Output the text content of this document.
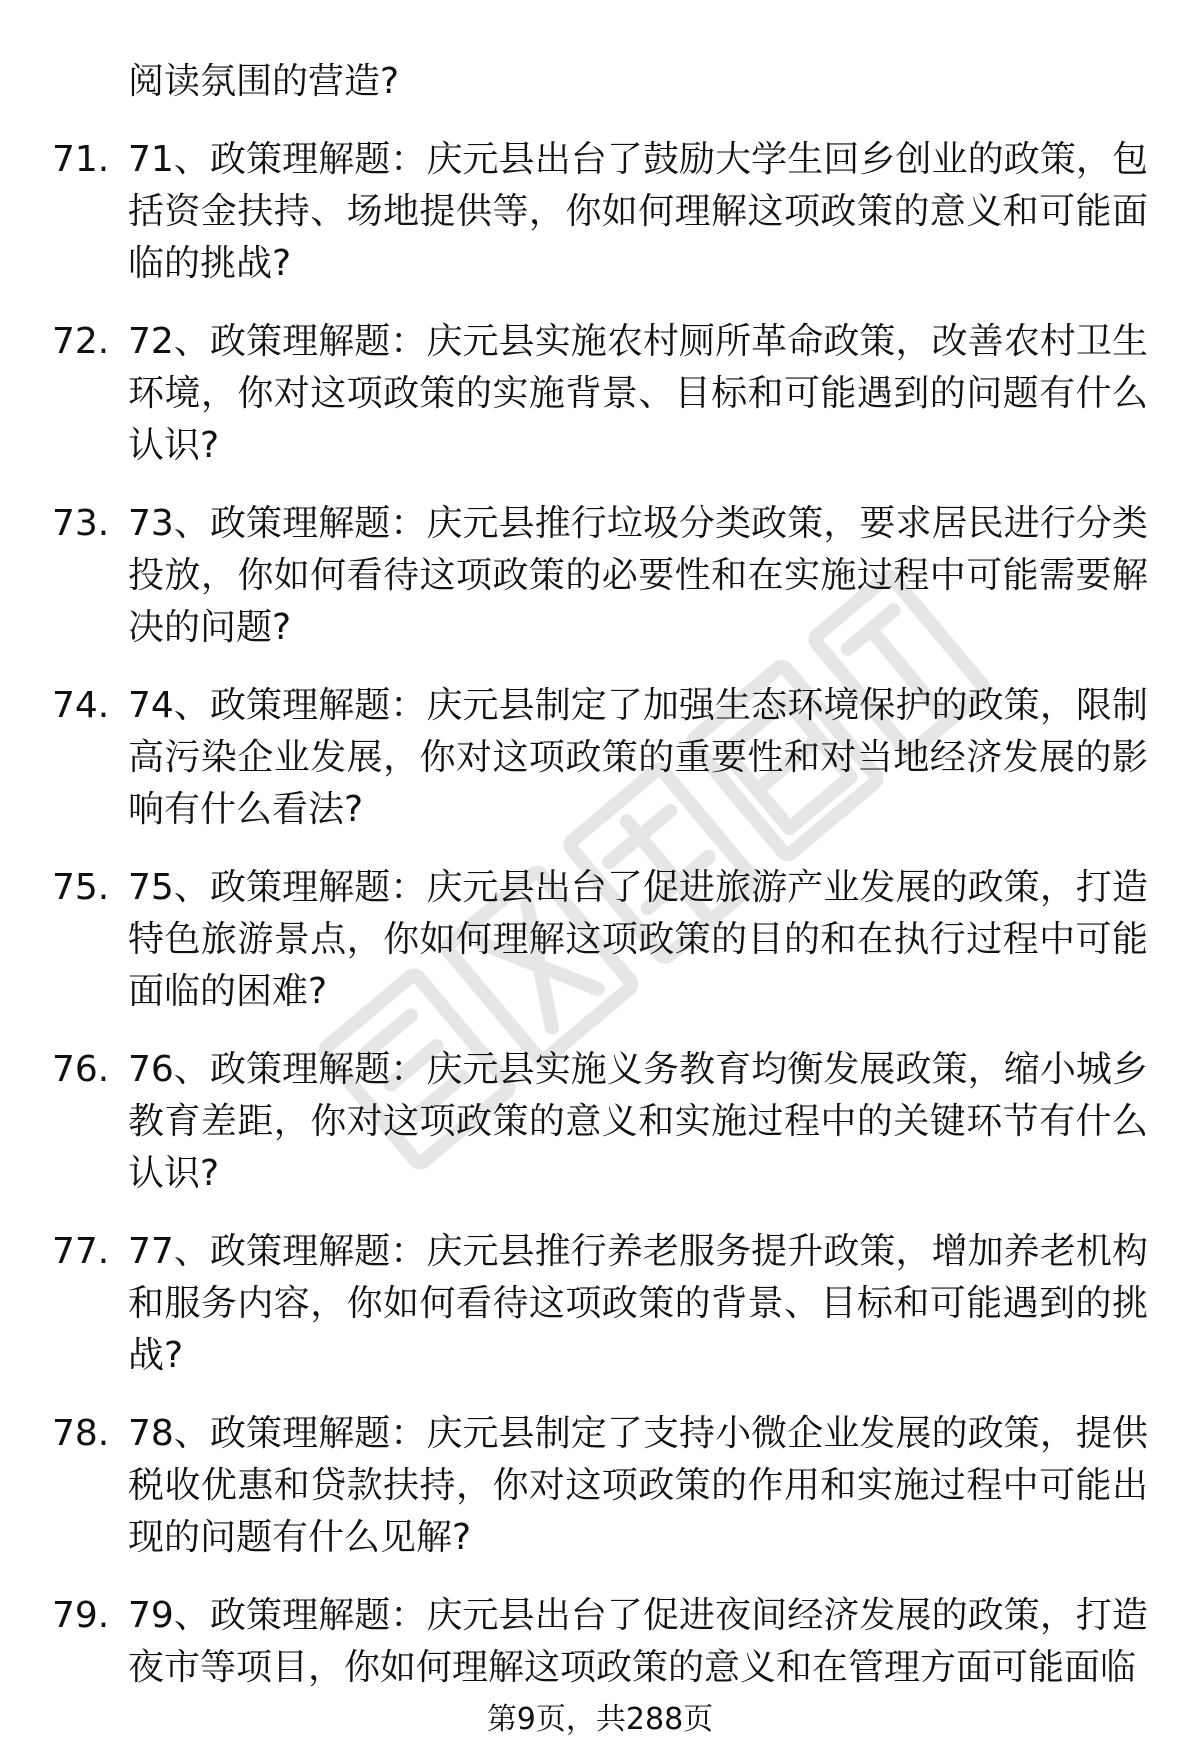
阅读氛围的营造?

71. 71、政策理解题：庆元县出台了鼓励大学生回乡创业的政策，包括资金扶持、场地提供等，你如何理解这项政策的意义和可能面临的挑战?
72. 72、政策理解题：庆元县实施农村厕所革命政策，改善农村卫生环境，你对这项政策的实施背景、目标和可能遇到的问题有什么认识?
73. 73、政策理解题：庆元县推行垃圾分类政策，要求居民进行分类投放，你如何看待这项政策的必要性和在实施过程中可能需要解决的问题?
74. 74、政策理解题：庆元县制定了加强生态环境保护的政策，限制高污染企业发展，你对这项政策的重要性和对当地经济发展的影响有什么看法?
75. 75、政策理解题：庆元县出台了促进旅游产业发展的政策，打造特色旅游景点，你如何理解这项政策的目的和在执行过程中可能面临的困难?
76. 76、政策理解题：庆元县实施义务教育均衡发展政策，缩小城乡教育差距，你对这项政策的意义和实施过程中的关键环节有什么认识?
77. 77、政策理解题：庆元县推行养老服务提升政策，增加养老机构和服务内容，你如何看待这项政策的背景、目标和可能遇到的挑战?
78. 78、政策理解题：庆元县制定了支持小微企业发展的政策，提供税收优惠和贷款扶持，你对这项政策的作用和实施过程中可能出现的问题有什么见解?
79. 79、政策理解题：庆元县出台了促进夜间经济发展的政策，打造夜市等项目，你如何理解这项政策的意义和在管理方面可能面临

第9页，共288页
